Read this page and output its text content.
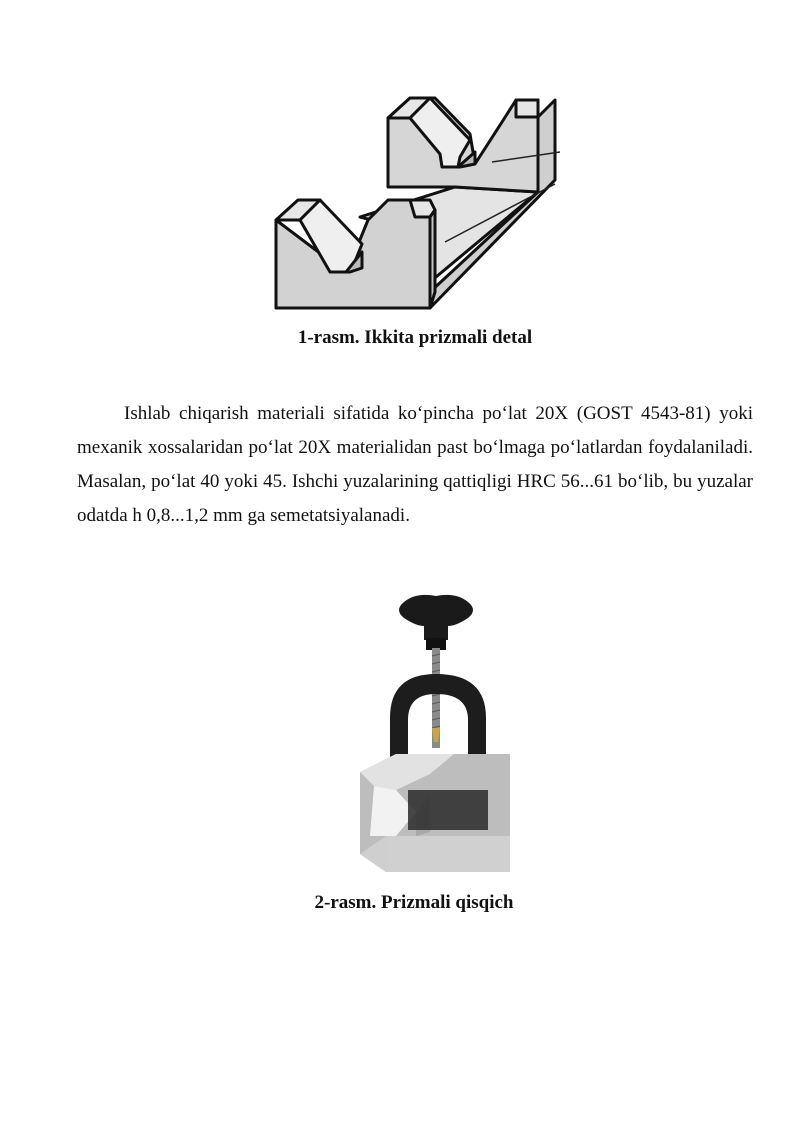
1-rasm. Ikkita prizmali detal

Ishlab chiqarish materiali sifatida ko‘pincha po‘lat 20X (GOST 4543-81) yoki mexanik xossalaridan po‘lat 20X materialidan past bo‘lmaga po‘latlardan foydalaniladi. Masalan, po‘lat 40 yoki 45. Ishchi yuzalarining qattiqligi HRC 56...61 bo‘lib, bu yuzalar odatda h 0,8...1,2 mm ga semetatsiyalanadi.

2-rasm. Prizmali qisqich
